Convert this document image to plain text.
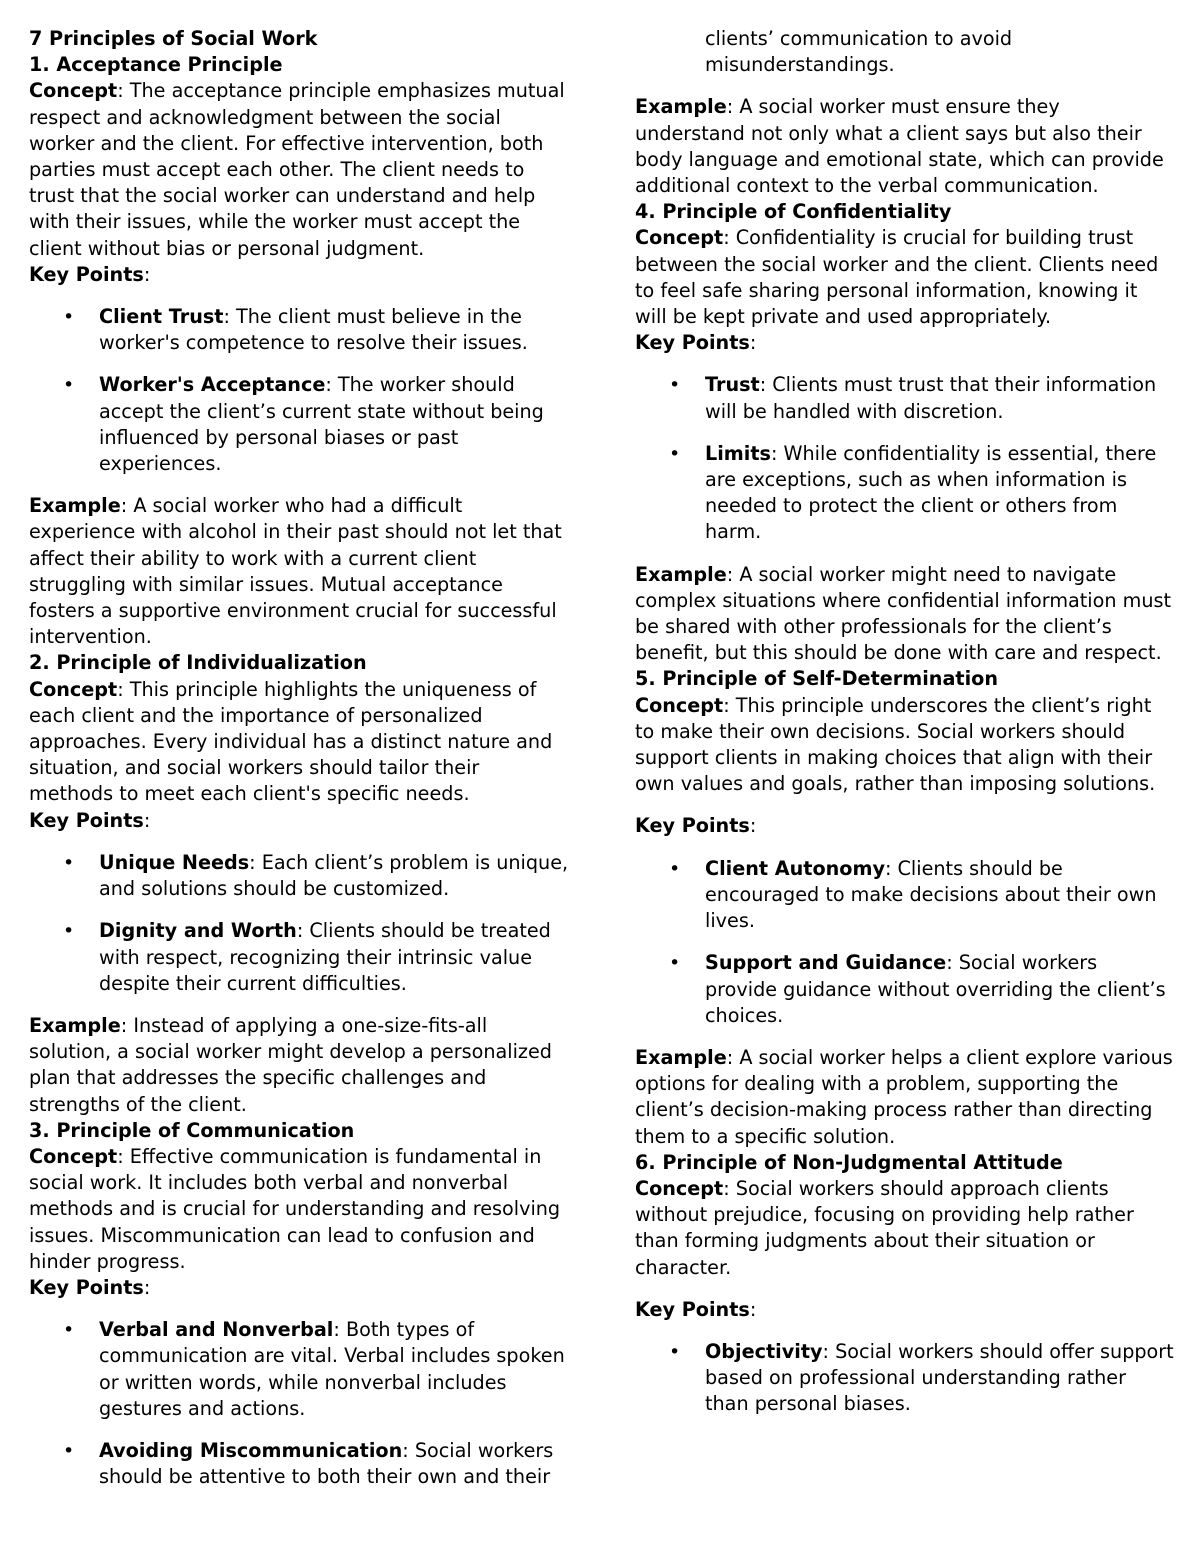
7 Principles of Social Work

1. Acceptance Principle

Concept: The acceptance principle emphasizes mutual respect and acknowledgment between the social worker and the client. For effective intervention, both parties must accept each other. The client needs to trust that the social worker can understand and help with their issues, while the worker must accept the client without bias or personal judgment.

Key Points:

• Client Trust: The client must believe in the worker's competence to resolve their issues.
• Worker's Acceptance: The worker should accept the client’s current state without being influenced by personal biases or past experiences.

Example: A social worker who had a difficult experience with alcohol in their past should not let that affect their ability to work with a current client struggling with similar issues. Mutual acceptance fosters a supportive environment crucial for successful intervention.

2. Principle of Individualization

Concept: This principle highlights the uniqueness of each client and the importance of personalized approaches. Every individual has a distinct nature and situation, and social workers should tailor their methods to meet each client's specific needs.

Key Points:

• Unique Needs: Each client’s problem is unique, and solutions should be customized.
• Dignity and Worth: Clients should be treated with respect, recognizing their intrinsic value despite their current difficulties.

Example: Instead of applying a one-size-fits-all solution, a social worker might develop a personalized plan that addresses the specific challenges and strengths of the client.

3. Principle of Communication

Concept: Effective communication is fundamental in social work. It includes both verbal and nonverbal methods and is crucial for understanding and resolving issues. Miscommunication can lead to confusion and hinder progress.

Key Points:

• Verbal and Nonverbal: Both types of communication are vital. Verbal includes spoken or written words, while nonverbal includes gestures and actions.
• Avoiding Miscommunication: Social workers should be attentive to both their own and their

clients’ communication to avoid misunderstandings.

Example: A social worker must ensure they understand not only what a client says but also their body language and emotional state, which can provide additional context to the verbal communication.

4. Principle of Confidentiality

Concept: Confidentiality is crucial for building trust between the social worker and the client. Clients need to feel safe sharing personal information, knowing it will be kept private and used appropriately.

Key Points:

• Trust: Clients must trust that their information will be handled with discretion.
• Limits: While confidentiality is essential, there are exceptions, such as when information is needed to protect the client or others from harm.

Example: A social worker might need to navigate complex situations where confidential information must be shared with other professionals for the client’s benefit, but this should be done with care and respect.

5. Principle of Self-Determination

Concept: This principle underscores the client’s right to make their own decisions. Social workers should support clients in making choices that align with their own values and goals, rather than imposing solutions.

Key Points:

• Client Autonomy: Clients should be encouraged to make decisions about their own lives.
• Support and Guidance: Social workers provide guidance without overriding the client’s choices.

Example: A social worker helps a client explore various options for dealing with a problem, supporting the client’s decision-making process rather than directing them to a specific solution.

6. Principle of Non-Judgmental Attitude

Concept: Social workers should approach clients without prejudice, focusing on providing help rather than forming judgments about their situation or character.

Key Points:

• Objectivity: Social workers should offer support based on professional understanding rather than personal biases.
